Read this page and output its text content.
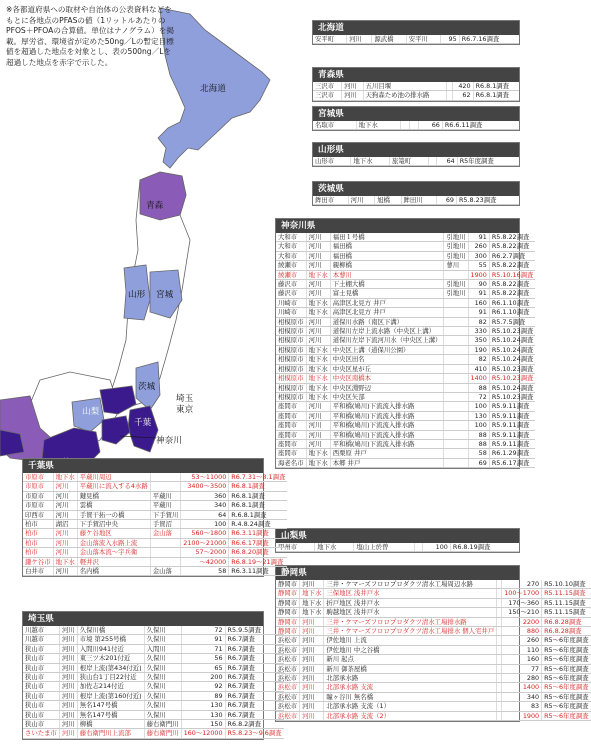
※各都道府県への取材や自治体の公表資料などをもとに各地点のPFASの値（1リットルあたりのPFOS＋PFOAの合算値。単位はナノグラム）を掲載。厚労省、環境省が定めた50ng／Lの暫定目標値を超過した地点を対象とし、表の500ng／Lを超過した地点を赤字で示した。
北海道
青森
山形 宮城
茨城
埼玉
東京
山梨
千葉
神奈川
北海道
安平町	河川	源武橋	安平川	95	R6.7.16調査
青森県
三沢市	河川	五川目堰		420	R6.8.1調査
三沢市	河川	天狗森ため池の排水路		62	R6.8.1調査
宮城県
名取市	地下水			66	R6.6.11調査
山形県
山形市	地下水	旅篭町		64	R5年度調査
茨城県
鉾田市	河川	旭橋	鉾田川	69	R5.8.23調査
神奈川県
大和市	河川	福田１号橋	引地川	91	R5.8.22調査
大和市	河川	福田橋	引地川	260	R5.8.22調査
大和市	河川	福田橋	引地川	300	R6.2.7調査
綾瀬市	河川	親柳橋	蓼川	55	R5.8.22調査
綾瀬市	地下水	本蓼川		1900	R5.10.16調査
藤沢市	河川	下土棚大橋	引地川	90	R5.8.22調査
藤沢市	河川	富士見橋	引地川	91	R5.8.22調査
川崎市	地下水	高津区北見方 井戸		160	R6.1.10調査
川崎市	地下水	高津区北見方 井戸		91	R6.1.10調査
相模原市	河川	道保川水路（南区下溝）		82	R5.7.5調査
相模原市	河川	道保川左岸上流水路（中央区上溝）		330	R5.10.23調査
相模原市	河川	道保川左岸下流河川水（中央区上溝）		350	R5.10.24調査
相模原市	地下水	中央区上溝（道保川公園）		190	R5.10.24調査
相模原市	地下水	中央区田名		82	R5.10.24調査
相模原市	地下水	中央区星が丘		410	R5.10.23調査
相模原市	地下水	中央区南橋本		1400	R5.10.23調査
相模原市	地下水	中央区淵野辺		88	R5.10.24調査
相模原市	地下水	中央区矢部		72	R5.10.23調査
座間市	河川	平和橋(鳩川)下流流入排水路		100	R5.9.11調査
座間市	河川	平和橋(鳩川)下流流入排水路		130	R5.9.11調査
座間市	河川	平和橋(鳩川)下流流入排水路		100	R5.9.11調査
座間市	河川	平和橋(鳩川)下流流入排水路		88	R5.9.11調査
座間市	河川	平和橋(鳩川)下流流入排水路		88	R5.9.11調査
座間市	地下水	西栗原 井戸		58	R6.1.29調査
海老名市	地下水	本郷 井戸		69	R5.6.17調査
山梨県
甲州市	地下水	塩山上於曽		100	R6.8.19調査
静岡県
静岡市	河川	三井・ケマーズフロロプロダクツ清水工場周辺水路		270	R5.10.10調査
静岡市	地下水	三保地区 浅井戸水		100〜1700	R5.11.15調査
静岡市	地下水	折戸地区 浅井戸水		170〜360	R5.11.15調査
静岡市	地下水	駒越地区 浅井戸水		150〜210	R5.11.15調査
静岡市	河川	三井・ケマーズフロロプロダクツ清水工場排水路		2200	R6.8.28調査
静岡市	河川	三井・ケマーズフロロプロダクツ清水工場排水 個人宅井戸		880	R6.8.28調査
浜松市	河川	伊佐地川 上流		260	R5〜6年度調査
浜松市	河川	伊佐地川 中之谷橋		110	R5〜6年度調査
浜松市	河川	新川 起点		160	R5〜6年度調査
浜松市	河川	新川 御茶屋橋		77	R5〜6年度調査
浜松市	河川	北部承水路		280	R5〜6年度調査
浜松市	河川	北部承水路 支流		1400	R5〜6年度調査
浜松市	河川	瞳ヶ谷川 無名橋		340	R5〜6年度調査
浜松市	河川	北部承水路 支流（1）		83	R5〜6年度調査
浜松市	河川	北部承水路 支流（2）		1900	R5〜6年度調査
千葉県
市原市	地下水	平蔵川周辺		53〜11000	R6.7.31〜8.1調査
市原市	河川	平蔵川に流入する4水路		3400〜3500	R6.8.1調査
市原市	河川	鍵見橋	平蔵川	360	R6.8.1調査
市原市	河川	雲橋	平蔵川	340	R6.8.1調査
印西市	河川	手賀干拓一の橋	下手賀川	64	R.6.8.1調査
柏市	湖沼	下手賀沼中央	手賀沼	100	R.4.8.24調査
柏市	河川	藤ケ谷地区	金山落	560〜1800	R6.3.11調査
柏市	河川	金山落流入水路上流		2100〜21000	R6.6.17調査
柏市	河川	金山落本流〜宇兵衛		57〜2000	R6.8.20調査
鎌ケ谷市	地下水	軽井沢		〜42000	R6.8.19〜21調査
白井市	河川	名内橋	金山落	58	R6.3.11調査
埼玉県
川越市	河川	久保川橋	久保川	72	R5.9.5調査
川越市	河川	市境 第255号橋	久保川	91	R6.7調査
狭山市	河川	入間川941付近	入間川	71	R6.7調査
狭山市	河川	東三ツ木201付近	久保川	56	R6.7調査
狭山市	河川	根岸上流(第434付近)	久保川	65	R6.7調査
狭山市	河川	狭山台1丁目22付近	久保川	200	R6.7調査
狭山市	河川	加佐志214付近	久保川	92	R6.7調査
狭山市	河川	根岸上流(第160付近)	久保川	89	R6.7調査
狭山市	河川	無名147号橋	久保川	130	R6.7調査
狭山市	河川	無名147号橋	久保川	130	R6.7調査
狭山市	河川	柳橋	藤右衛門川	150	R6.8.2調査
さいたま市	河川	藤右衛門川上流部	藤右衛門川	160〜12000	R5.8.23〜9.6調査
